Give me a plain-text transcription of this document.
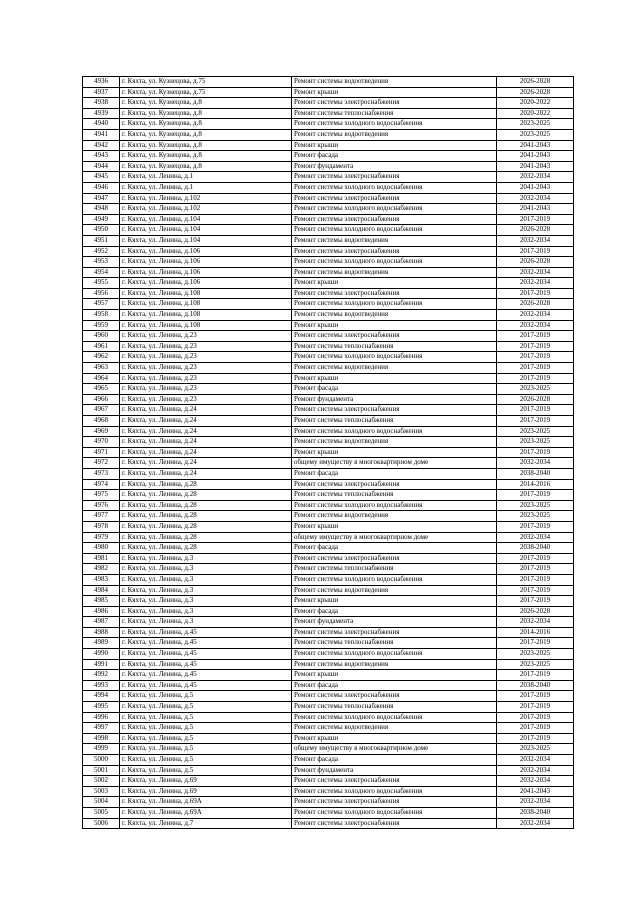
4936	г. Кяхта, ул. Кузнецова, д.75	Ремонт системы водоотведения	2026-2028
4937	г. Кяхта, ул. Кузнецова, д.75	Ремонт крыши	2026-2028
4938	г. Кяхта, ул. Кузнецова, д.8	Ремонт системы электроснабжения	2020-2022
4939	г. Кяхта, ул. Кузнецова, д.8	Ремонт системы теплоснабжения	2020-2022
4940	г. Кяхта, ул. Кузнецова, д.8	Ремонт системы холодного водоснабжения	2023-2025
4941	г. Кяхта, ул. Кузнецова, д.8	Ремонт системы водоотведения	2023-2025
4942	г. Кяхта, ул. Кузнецова, д.8	Ремонт крыши	2041-2043
4943	г. Кяхта, ул. Кузнецова, д.8	Ремонт фасада	2041-2043
4944	г. Кяхта, ул. Кузнецова, д.8	Ремонт фундамента	2041-2043
4945	г. Кяхта, ул. Ленина, д.1	Ремонт системы электроснабжения	2032-2034
4946	г. Кяхта, ул. Ленина, д.1	Ремонт системы холодного водоснабжения	2041-2043
4947	г. Кяхта, ул. Ленина, д.102	Ремонт системы электроснабжения	2032-2034
4948	г. Кяхта, ул. Ленина, д.102	Ремонт системы холодного водоснабжения	2041-2043
4949	г. Кяхта, ул. Ленина, д.104	Ремонт системы электроснабжения	2017-2019
4950	г. Кяхта, ул. Ленина, д.104	Ремонт системы холодного водоснабжения	2026-2028
4951	г. Кяхта, ул. Ленина, д.104	Ремонт системы водоотведения	2032-2034
4952	г. Кяхта, ул. Ленина, д.106	Ремонт системы электроснабжения	2017-2019
4953	г. Кяхта, ул. Ленина, д.106	Ремонт системы холодного водоснабжения	2026-2028
4954	г. Кяхта, ул. Ленина, д.106	Ремонт системы водоотведения	2032-2034
4955	г. Кяхта, ул. Ленина, д.106	Ремонт крыши	2032-2034
4956	г. Кяхта, ул. Ленина, д.108	Ремонт системы электроснабжения	2017-2019
4957	г. Кяхта, ул. Ленина, д.108	Ремонт системы холодного водоснабжения	2026-2028
4958	г. Кяхта, ул. Ленина, д.108	Ремонт системы водоотведения	2032-2034
4959	г. Кяхта, ул. Ленина, д.108	Ремонт крыши	2032-2034
4960	г. Кяхта, ул. Ленина, д.23	Ремонт системы электроснабжения	2017-2019
4961	г. Кяхта, ул. Ленина, д.23	Ремонт системы теплоснабжения	2017-2019
4962	г. Кяхта, ул. Ленина, д.23	Ремонт системы холодного водоснабжения	2017-2019
4963	г. Кяхта, ул. Ленина, д.23	Ремонт системы водоотведения	2017-2019
4964	г. Кяхта, ул. Ленина, д.23	Ремонт крыши	2017-2019
4965	г. Кяхта, ул. Ленина, д.23	Ремонт фасада	2023-2025
4966	г. Кяхта, ул. Ленина, д.23	Ремонт фундамента	2026-2028
4967	г. Кяхта, ул. Ленина, д.24	Ремонт системы электроснабжения	2017-2019
4968	г. Кяхта, ул. Ленина, д.24	Ремонт системы теплоснабжения	2017-2019
4969	г. Кяхта, ул. Ленина, д.24	Ремонт системы холодного водоснабжения	2023-2025
4970	г. Кяхта, ул. Ленина, д.24	Ремонт системы водоотведения	2023-2025
4971	г. Кяхта, ул. Ленина, д.24	Ремонт крыши	2017-2019
4972	г. Кяхта, ул. Ленина, д.24	общему имуществу в многоквартирном доме	2032-2034
4973	г. Кяхта, ул. Ленина, д.24	Ремонт фасада	2038-2040
4974	г. Кяхта, ул. Ленина, д.28	Ремонт системы электроснабжения	2014-2016
4975	г. Кяхта, ул. Ленина, д.28	Ремонт системы теплоснабжения	2017-2019
4976	г. Кяхта, ул. Ленина, д.28	Ремонт системы холодного водоснабжения	2023-2025
4977	г. Кяхта, ул. Ленина, д.28	Ремонт системы водоотведения	2023-2025
4978	г. Кяхта, ул. Ленина, д.28	Ремонт крыши	2017-2019
4979	г. Кяхта, ул. Ленина, д.28	общему имуществу в многоквартирном доме	2032-2034
4980	г. Кяхта, ул. Ленина, д.28	Ремонт фасада	2038-2040
4981	г. Кяхта, ул. Ленина, д.3	Ремонт системы электроснабжения	2017-2019
4982	г. Кяхта, ул. Ленина, д.3	Ремонт системы теплоснабжения	2017-2019
4983	г. Кяхта, ул. Ленина, д.3	Ремонт системы холодного водоснабжения	2017-2019
4984	г. Кяхта, ул. Ленина, д.3	Ремонт системы водоотведения	2017-2019
4985	г. Кяхта, ул. Ленина, д.3	Ремонт крыши	2017-2019
4986	г. Кяхта, ул. Ленина, д.3	Ремонт фасада	2026-2028
4987	г. Кяхта, ул. Ленина, д.3	Ремонт фундамента	2032-2034
4988	г. Кяхта, ул. Ленина, д.45	Ремонт системы электроснабжения	2014-2016
4989	г. Кяхта, ул. Ленина, д.45	Ремонт системы теплоснабжения	2017-2019
4990	г. Кяхта, ул. Ленина, д.45	Ремонт системы холодного водоснабжения	2023-2025
4991	г. Кяхта, ул. Ленина, д.45	Ремонт системы водоотведения	2023-2025
4992	г. Кяхта, ул. Ленина, д.45	Ремонт крыши	2017-2019
4993	г. Кяхта, ул. Ленина, д.45	Ремонт фасада	2038-2040
4994	г. Кяхта, ул. Ленина, д.5	Ремонт системы электроснабжения	2017-2019
4995	г. Кяхта, ул. Ленина, д.5	Ремонт системы теплоснабжения	2017-2019
4996	г. Кяхта, ул. Ленина, д.5	Ремонт системы холодного водоснабжения	2017-2019
4997	г. Кяхта, ул. Ленина, д.5	Ремонт системы водоотведения	2017-2019
4998	г. Кяхта, ул. Ленина, д.5	Ремонт крыши	2017-2019
4999	г. Кяхта, ул. Ленина, д.5	общему имуществу в многоквартирном доме	2023-2025
5000	г. Кяхта, ул. Ленина, д.5	Ремонт фасада	2032-2034
5001	г. Кяхта, ул. Ленина, д.5	Ремонт фундамента	2032-2034
5002	г. Кяхта, ул. Ленина, д.69	Ремонт системы электроснабжения	2032-2034
5003	г. Кяхта, ул. Ленина, д.69	Ремонт системы холодного водоснабжения	2041-2043
5004	г. Кяхта, ул. Ленина, д.69А	Ремонт системы электроснабжения	2032-2034
5005	г. Кяхта, ул. Ленина, д.69А	Ремонт системы холодного водоснабжения	2038-2040
5006	г. Кяхта, ул. Ленина, д.7	Ремонт системы электроснабжения	2032-2034
